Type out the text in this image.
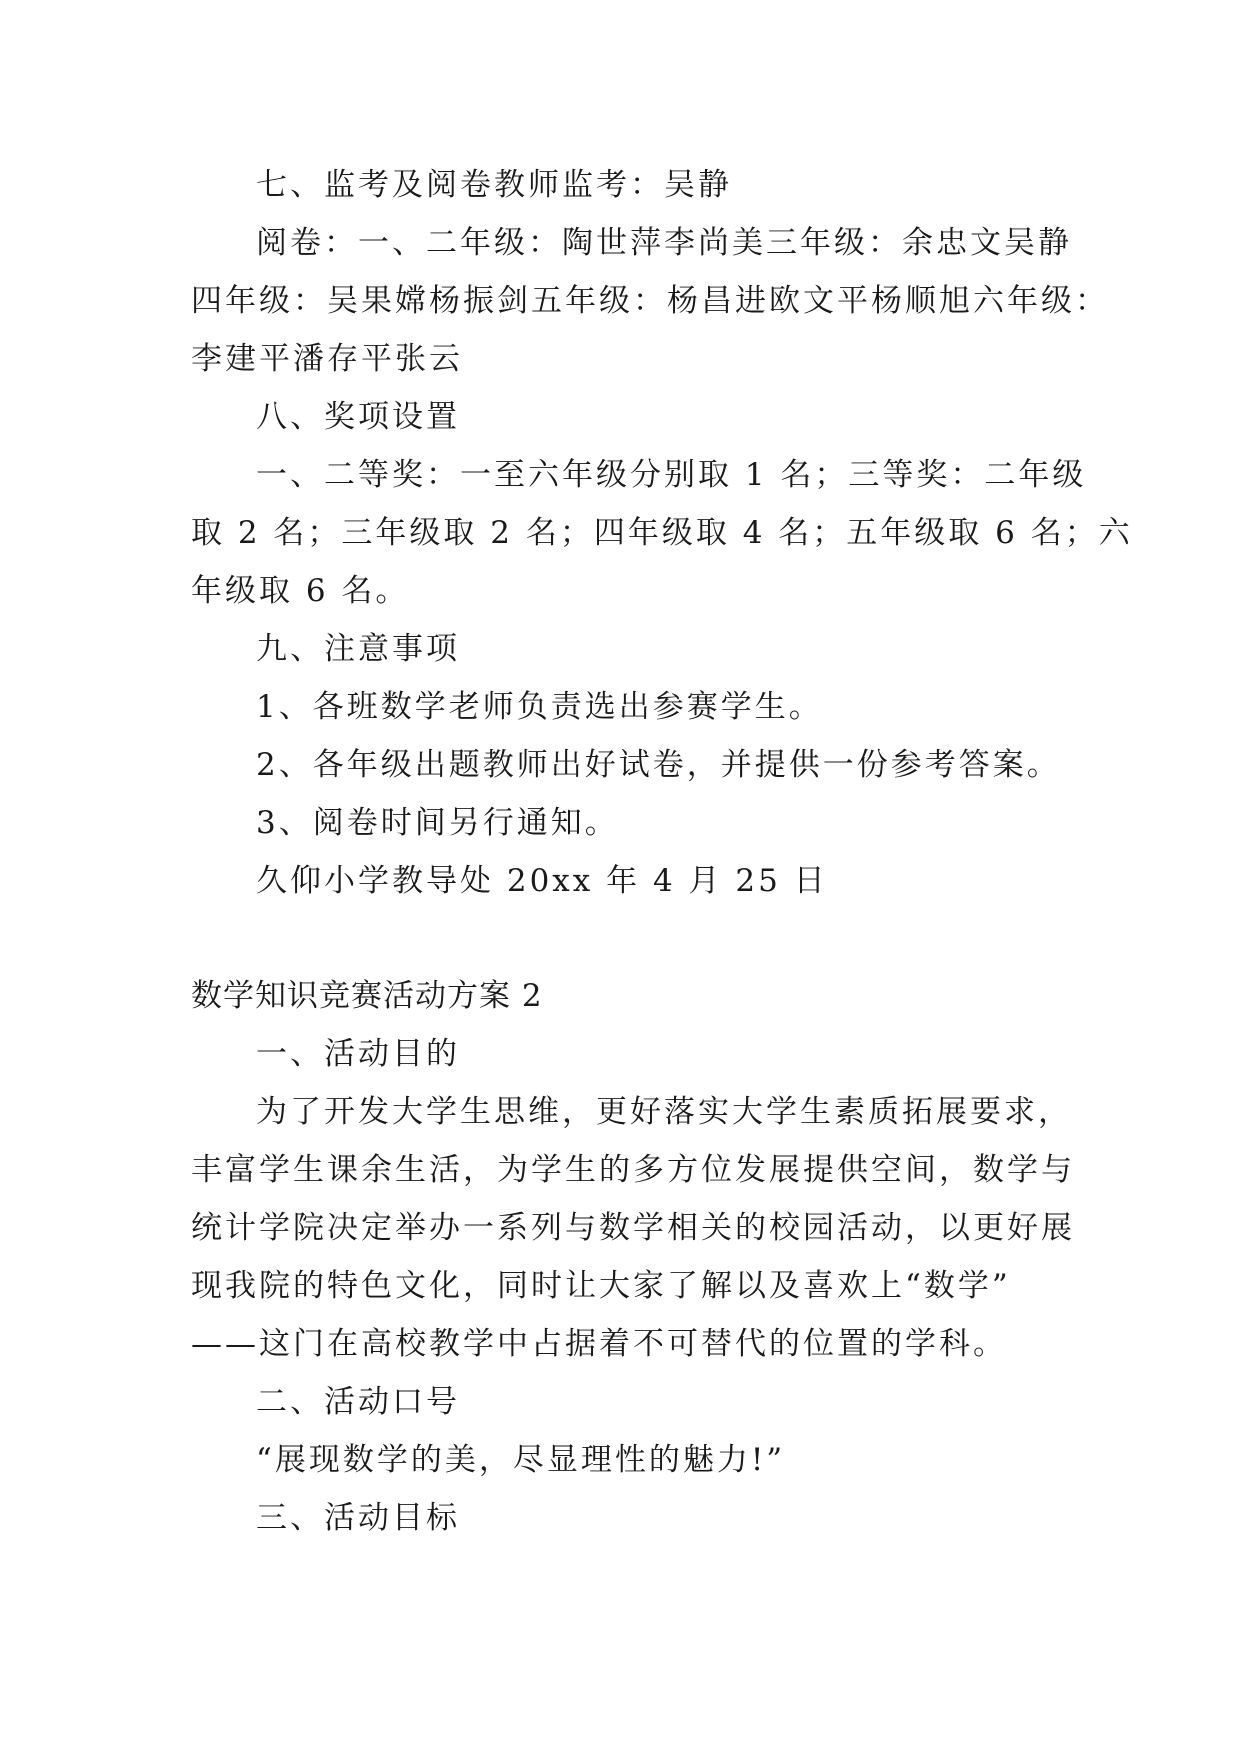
七、监考及阅卷教师监考：吴静
阅卷：一、二年级：陶世萍李尚美三年级：余忠文吴静
四年级：吴果嫦杨振剑五年级：杨昌进欧文平杨顺旭六年级：
李建平潘存平张云
八、奖项设置
一、二等奖：一至六年级分别取 1 名；三等奖：二年级
取 2 名；三年级取 2 名；四年级取 4 名；五年级取 6 名；六
年级取 6 名。
九、注意事项
1、各班数学老师负责选出参赛学生。
2、各年级出题教师出好试卷，并提供一份参考答案。
3、阅卷时间另行通知。
久仰小学教导处 20xx 年 4 月 25 日
数学知识竞赛活动方案 2
一、活动目的
为了开发大学生思维，更好落实大学生素质拓展要求，
丰富学生课余生活，为学生的多方位发展提供空间，数学与
统计学院决定举办一系列与数学相关的校园活动，以更好展
现我院的特色文化，同时让大家了解以及喜欢上“数学”
——这门在高校教学中占据着不可替代的位置的学科。
二、活动口号
“展现数学的美，尽显理性的魅力!”
三、活动目标
